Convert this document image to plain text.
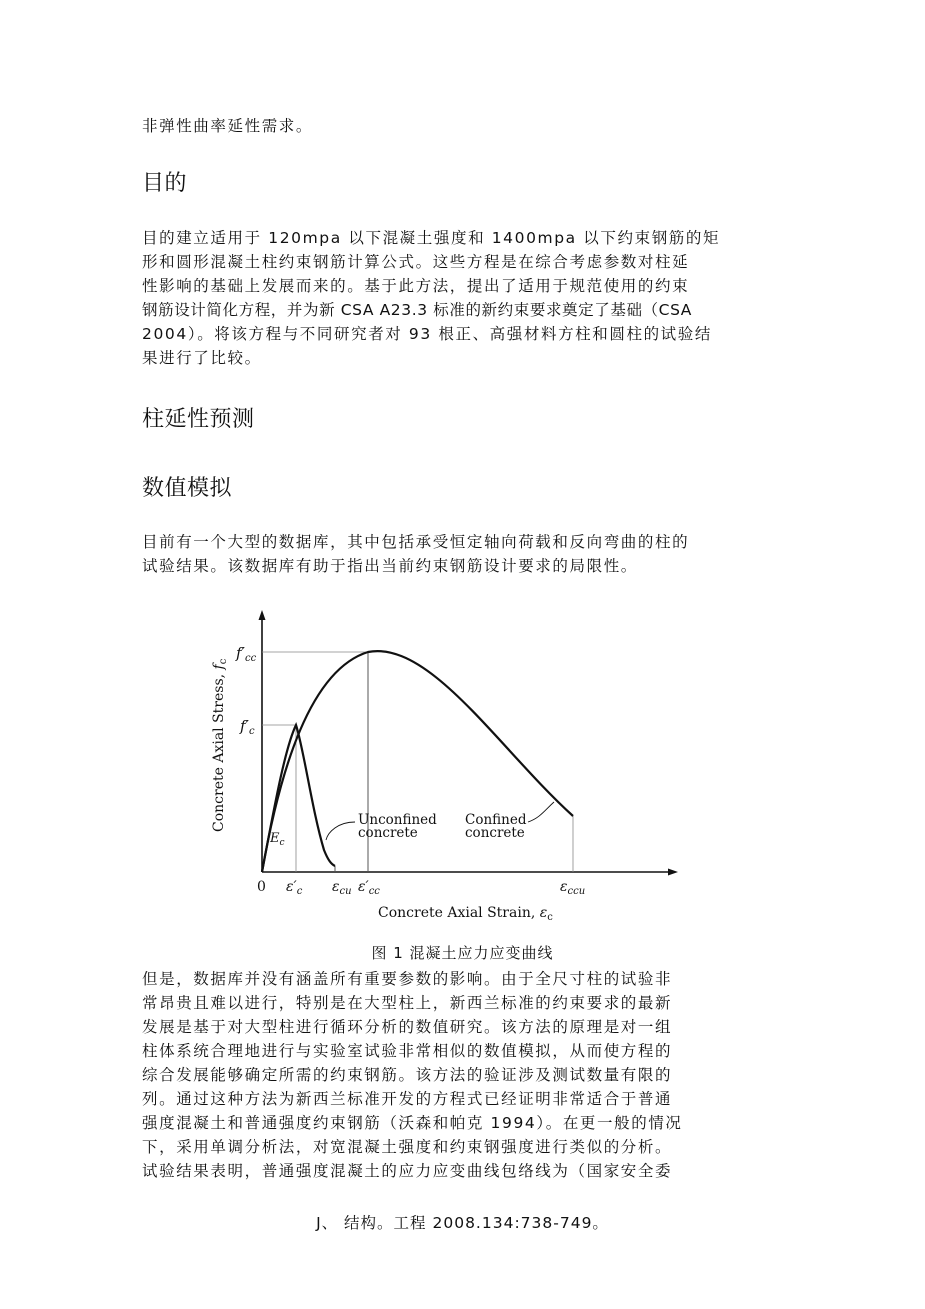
非弹性曲率延性需求。

目的

目的建立适用于 120mpa 以下混凝土强度和 1400mpa 以下约束钢筋的矩
形和圆形混凝土柱约束钢筋计算公式。这些方程是在综合考虑参数对柱延
性影响的基础上发展而来的。基于此方法，提出了适用于规范使用的约束
钢筋设计简化方程，并为新 CSA A23.3 标准的新约束要求奠定了基础（CSA
2004）。将该方程与不同研究者对 93 根正、高强材料方柱和圆柱的试验结
果进行了比较。

柱延性预测
数值模拟

目前有一个大型的数据库，其中包括承受恒定轴向荷载和反向弯曲的柱的
试验结果。该数据库有助于指出当前约束钢筋设计要求的局限性。

$f'_{cc}$
$f'_c$
0 $\varepsilon'_c$ $\varepsilon_{cu}$ $\varepsilon'_{cc}$	$\varepsilon_{ccu}$
Concrete Axial Strain, $\varepsilon_c$
Concrete Axial Stress, $f_c$
$E_c$
Unconfined
concrete
Confined
concrete
图 1 混凝土应力应变曲线

但是，数据库并没有涵盖所有重要参数的影响。由于全尺寸柱的试验非
常昂贵且难以进行，特别是在大型柱上，新西兰标准的约束要求的最新
发展是基于对大型柱进行循环分析的数值研究。该方法的原理是对一组
柱体系统合理地进行与实验室试验非常相似的数值模拟，从而使方程的
综合发展能够确定所需的约束钢筋。该方法的验证涉及测试数量有限的
列。通过这种方法为新西兰标准开发的方程式已经证明非常适合于普通
强度混凝土和普通强度约束钢筋（沃森和帕克 1994）。在更一般的情况
下，采用单调分析法，对宽混凝土强度和约束钢强度进行类似的分析。
试验结果表明，普通强度混凝土的应力应变曲线包络线为（国家安全委

J、 结构。工程 2008.134:738-749。
